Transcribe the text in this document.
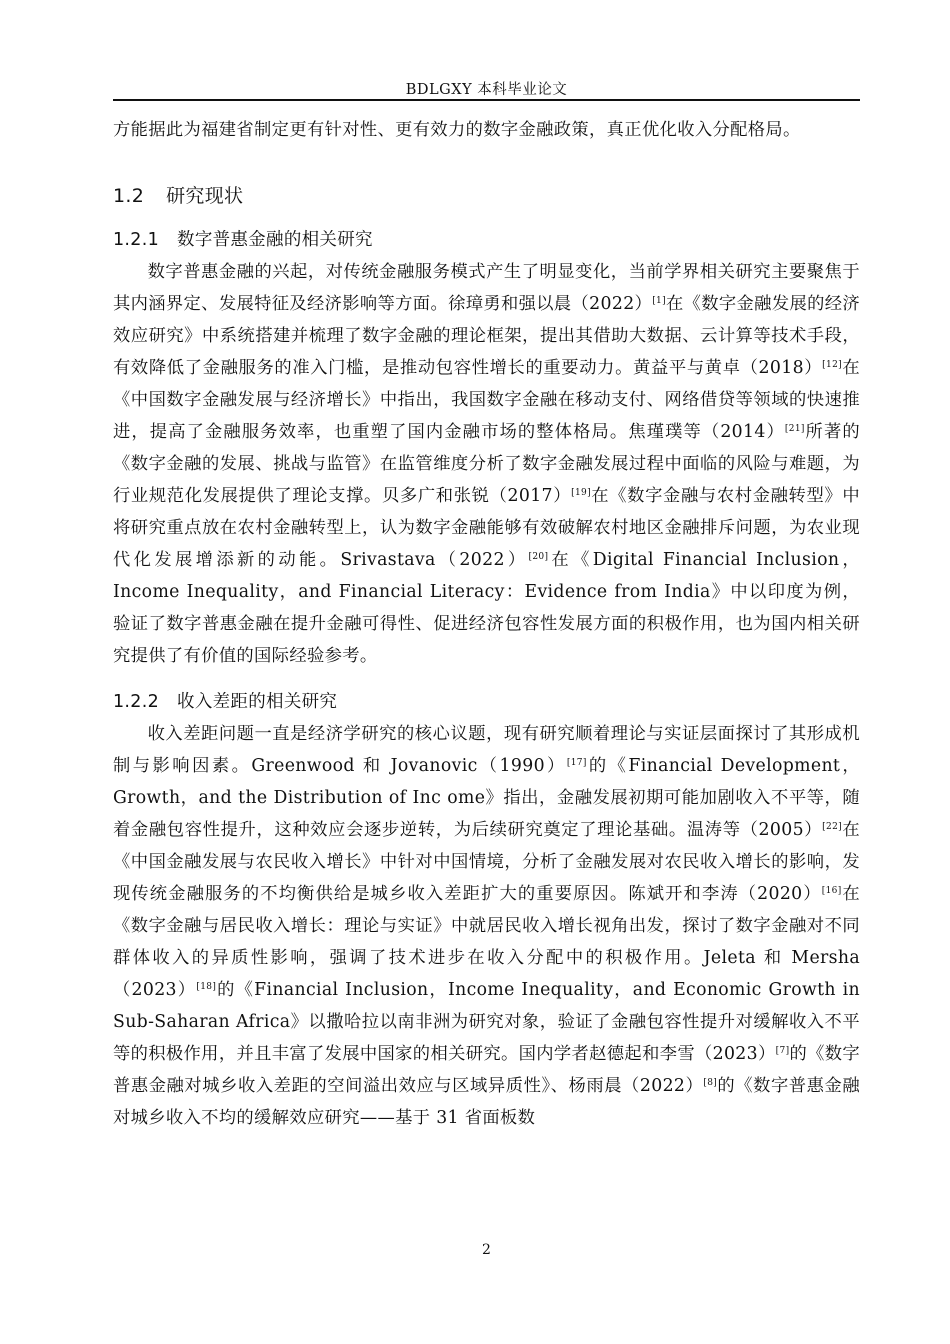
BDLGXY 本科毕业论文

方能据此为福建省制定更有针对性、更有效力的数字金融政策，真正优化收入分配格局。

1.2 研究现状
1.2.1 数字普惠金融的相关研究

数字普惠金融的兴起，对传统金融服务模式产生了明显变化，当前学界相关研究主要聚焦于其内涵界定、发展特征及经济影响等方面。徐璋勇和强以晨（2022）[1]在《数字金融发展的经济效应研究》中系统搭建并梳理了数字金融的理论框架，提出其借助大数据、云计算等技术手段，有效降低了金融服务的准入门槛，是推动包容性增长的重要动力。黄益平与黄卓（2018）[12]在《中国数字金融发展与经济增长》中指出，我国数字金融在移动支付、网络借贷等领域的快速推进，提高了金融服务效率，也重塑了国内金融市场的整体格局。焦瑾璞等（2014）[21]所著的《数字金融的发展、挑战与监管》在监管维度分析了数字金融发展过程中面临的风险与难题，为行业规范化发展提供了理论支撑。贝多广和张锐（2017）[19]在《数字金融与农村金融转型》中将研究重点放在农村金融转型上，认为数字金融能够有效破解农村地区金融排斥问题，为农业现代化发展增添新的动能。Srivastava（2022）[20]在《Digital Financial Inclusion， Income Inequality，and Financial Literacy：Evidence from India》中以印度为例，验证了数字普惠金融在提升金融可得性、促进经济包容性发展方面的积极作用，也为国内相关研究提供了有价值的国际经验参考。

1.2.2 收入差距的相关研究

收入差距问题一直是经济学研究的核心议题，现有研究顺着理论与实证层面探讨了其形成机制与影响因素。Greenwood 和 Jovanovic（1990）[17]的《Financial Development，Growth，and the Distribution of Inc ome》指出，金融发展初期可能加剧收入不平等，随着金融包容性提升，这种效应会逐步逆转，为后续研究奠定了理论基础。温涛等（2005）[22]在《中国金融发展与农民收入增长》中针对中国情境，分析了金融发展对农民收入增长的影响，发现传统金融服务的不均衡供给是城乡收入差距扩大的重要原因。陈斌开和李涛（2020）[16]在《数字金融与居民收入增长：理论与实证》中就居民收入增长视角出发，探讨了数字金融对不同群体收入的异质性影响，强调了技术进步在收入分配中的积极作用。Jeleta 和 Mersha（2023）[18]的《Financial Inclusion，Income Inequality，and Economic Growth in Sub-Saharan Africa》以撒哈拉以南非洲为研究对象，验证了金融包容性提升对缓解收入不平等的积极作用，并且丰富了发展中国家的相关研究。国内学者赵德起和李雪（2023）[7]的《数字普惠金融对城乡收入差距的空间溢出效应与区域异质性》、杨雨晨（2022）[8]的《数字普惠金融对城乡收入不均的缓解效应研究——基于 31 省面板数

2
